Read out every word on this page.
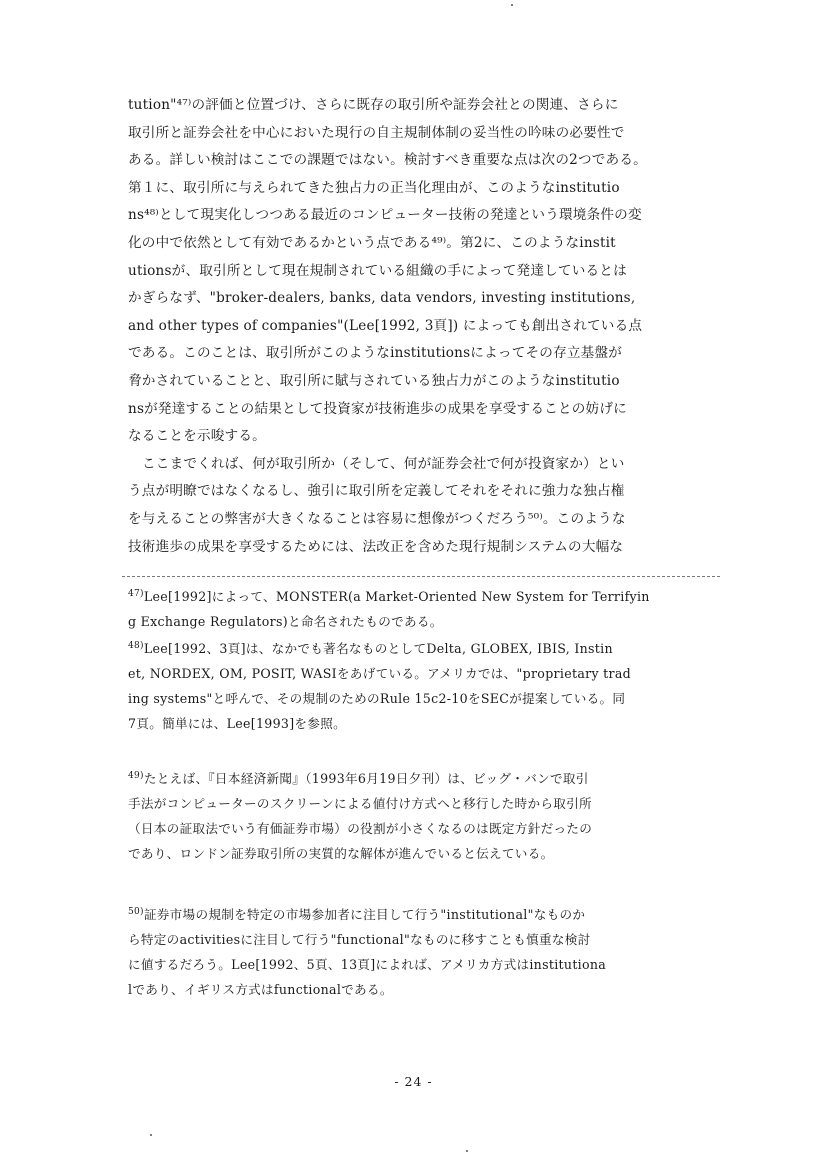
tution"⁴⁷⁾の評価と位置づけ、さらに既存の取引所や証券会社との関連、さらに
取引所と証券会社を中心においた現行の自主規制体制の妥当性の吟味の必要性で
ある。詳しい検討はここでの課題ではない。検討すべき重要な点は次の2つである。
第１に、取引所に与えられてきた独占力の正当化理由が、このようなinstitutio
ns⁴⁸⁾として現実化しつつある最近のコンピューター技術の発達という環境条件の変
化の中で依然として有効であるかという点である⁴⁹⁾。第2に、このようなinstit
utionsが、取引所として現在規制されている組織の手によって発達しているとは
かぎらなず、"broker-dealers, banks, data vendors, investing institutions,
and other types of companies"(Lee[1992, 3頁]) によっても創出されている点
である。このことは、取引所がこのようなinstitutionsによってその存立基盤が
脅かされていることと、取引所に賦与されている独占力がこのようなinstitutio
nsが発達することの結果として投資家が技術進歩の成果を享受することの妨げに
なることを示唆する。
ここまでくれば、何が取引所か（そして、何が証券会社で何が投資家か）とい
う点が明瞭ではなくなるし、強引に取引所を定義してそれをそれに強力な独占権
を与えることの弊害が大きくなることは容易に想像がつくだろう⁵⁰⁾。このような
技術進歩の成果を享受するためには、法改正を含めた現行規制システムの大幅な
$^{47)}$Lee[1992]によって、MONSTER(a Market-Oriented New System for Terrifyin
g Exchange Regulators)と命名されたものである。
$^{48)}$Lee[1992、3頁]は、なかでも著名なものとしてDelta, GLOBEX, IBIS, Instin
et, NORDEX, OM, POSIT, WASIをあげている。アメリカでは、"proprietary trad
ing systems"と呼んで、その規制のためのRule 15c2-10をSECが提案している。同
7頁。簡単には、Lee[1993]を参照。
$^{49)}$たとえば、『日本経済新聞』（1993年6月19日夕刊）は、ビッグ・バンで取引
手法がコンピューターのスクリーンによる値付け方式へと移行した時から取引所
（日本の証取法でいう有価証券市場）の役割が小さくなるのは既定方針だったの
であり、ロンドン証券取引所の実質的な解体が進んでいると伝えている。
$^{50)}$証券市場の規制を特定の市場参加者に注目して行う"institutional"なものか
ら特定のactivitiesに注目して行う"functional"なものに移すことも慎重な検討
に値するだろう。Lee[1992、5頁、13頁]によれば、アメリカ方式はinstitutiona
lであり、イギリス方式はfunctionalである。
- 24 -
